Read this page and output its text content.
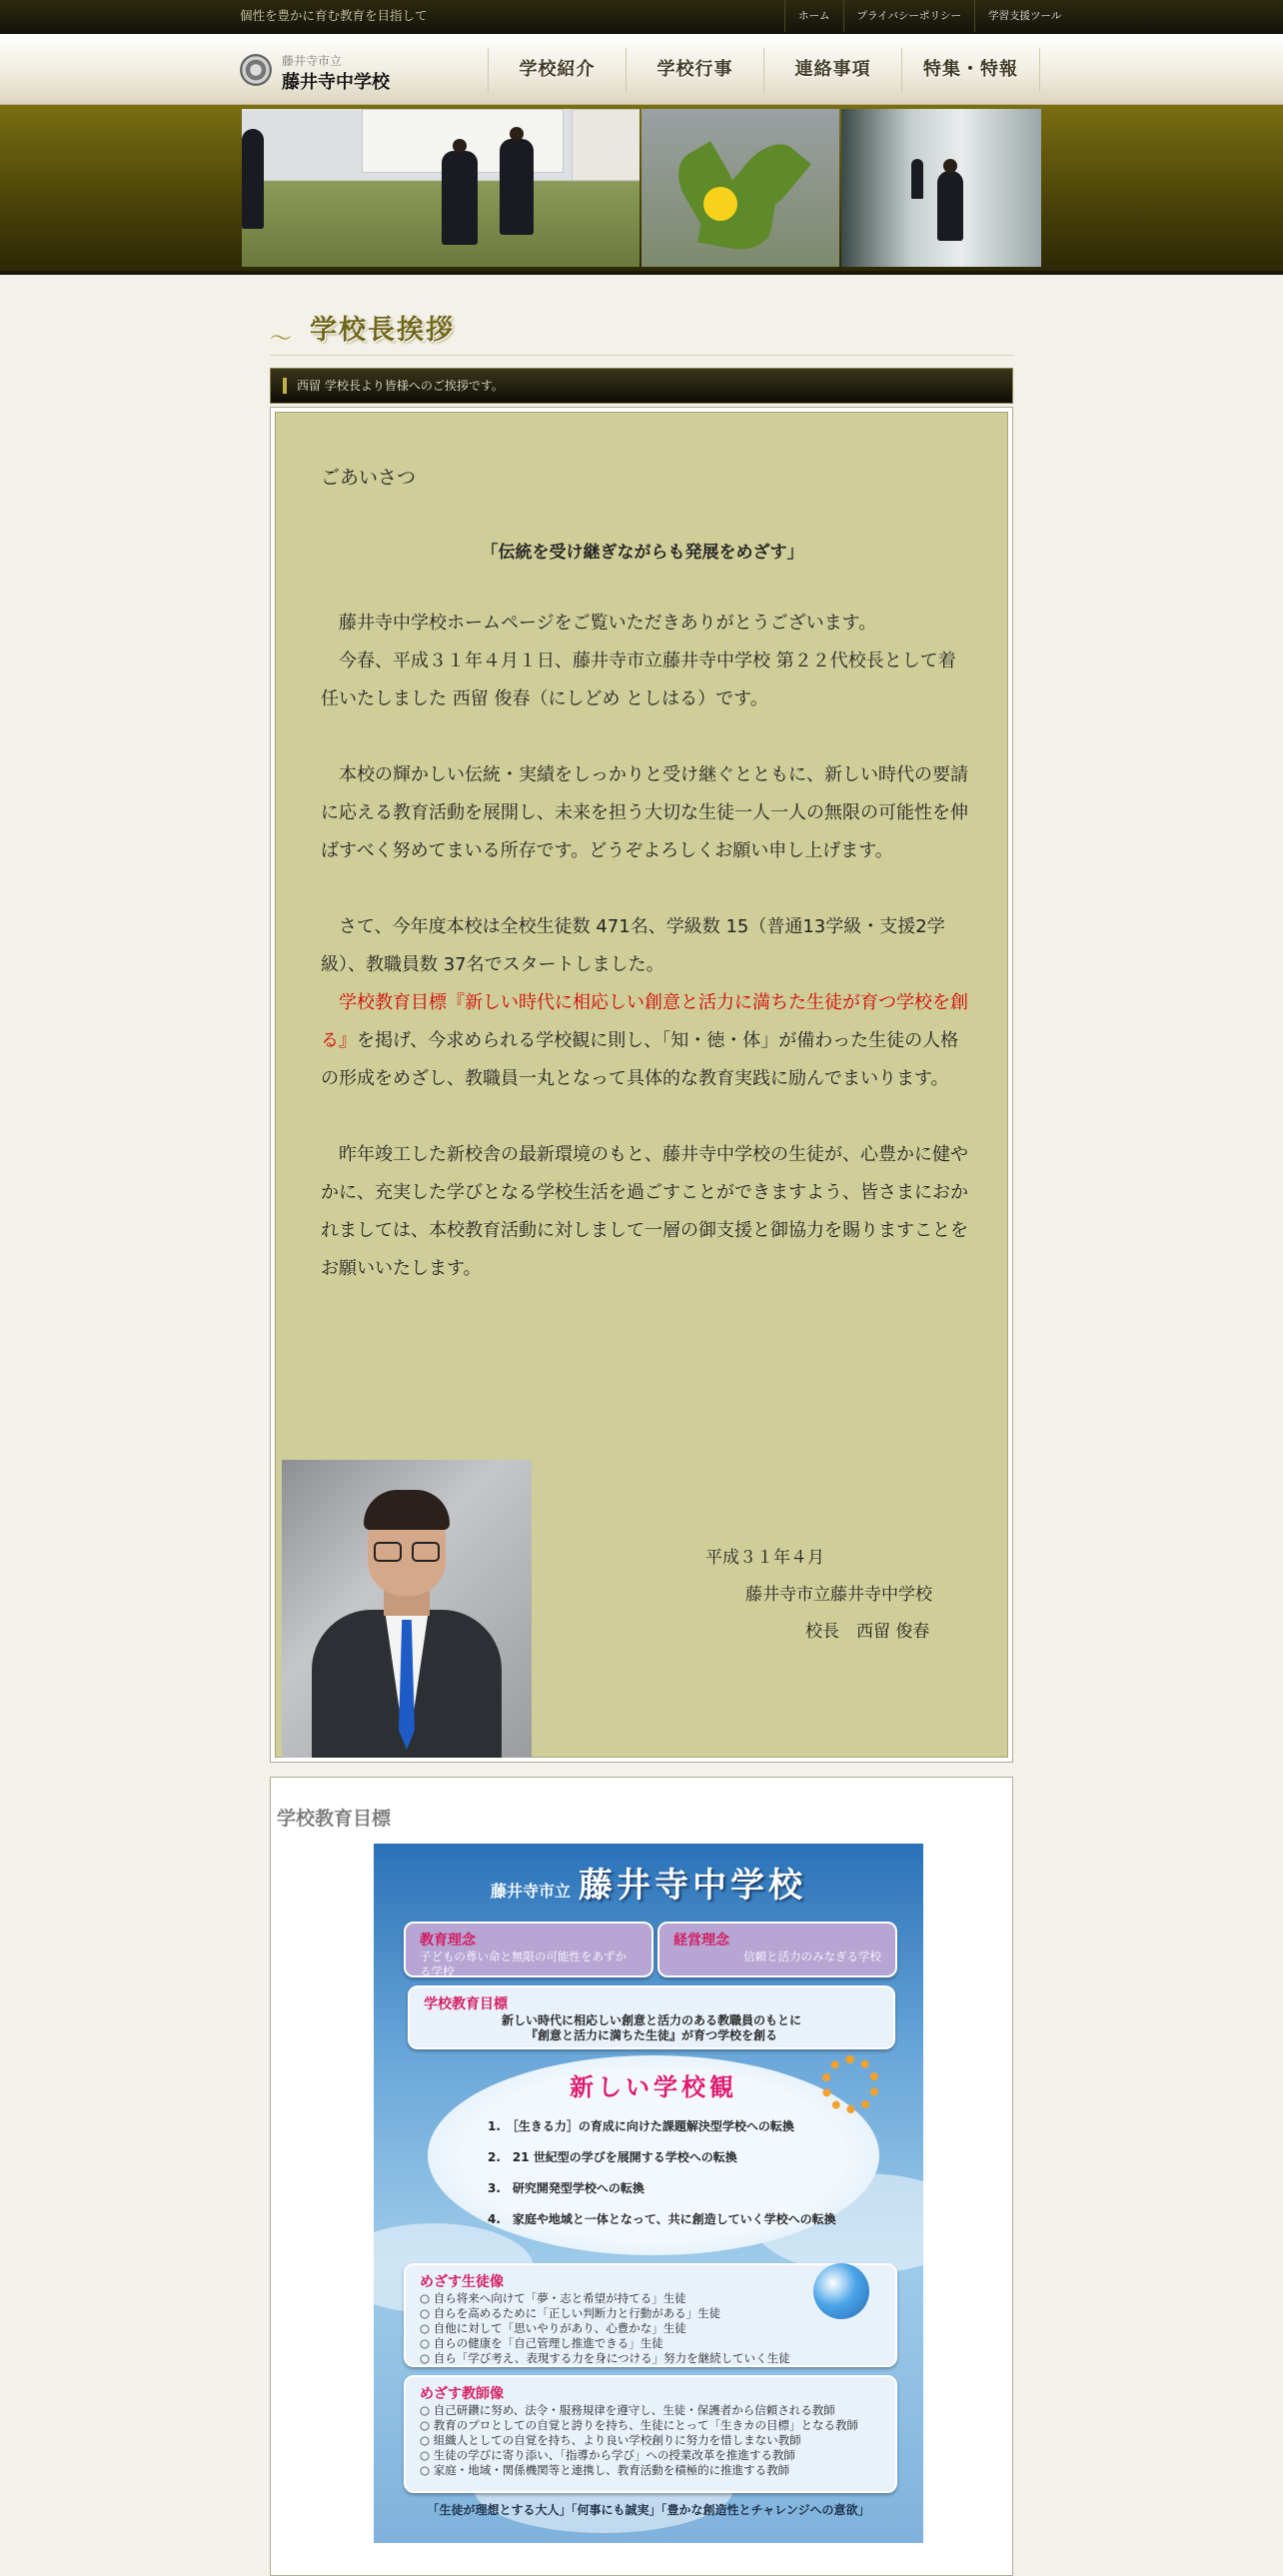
個性を豊かに育む教育を目指して	ホーム	プライバシーポリシー	学習支援ツール
藤井寺市立
藤井寺中学校
学校紹介	学校行事	連絡事項	特集・特報
〜 学校長挨拶
西留 学校長より皆様へのご挨拶です。
ごあいさつ
「伝統を受け継ぎながらも発展をめざす」

　藤井寺中学校ホームページをご覧いただきありがとうございます。

　今春、平成３１年４月１日、藤井寺市立藤井寺中学校 第２２代校長として着任いたしました 西留 俊春（にしどめ としはる）です。

　本校の輝かしい伝統・実績をしっかりと受け継ぐとともに、新しい時代の要請に応える教育活動を展開し、未来を担う大切な生徒一人一人の無限の可能性を伸ばすべく努めてまいる所存です。どうぞよろしくお願い申し上げます。

　さて、今年度本校は全校生徒数 471名、学級数 15（普通13学級・支援2学級）、教職員数 37名でスタートしました。

　学校教育目標『新しい時代に相応しい創意と活力に満ちた生徒が育つ学校を創る』を掲げ、今求められる学校観に則し、「知・徳・体」が備わった生徒の人格の形成をめざし、教職員一丸となって具体的な教育実践に励んでまいります。

　昨年竣工した新校舎の最新環境のもと、藤井寺中学校の生徒が、心豊かに健やかに、充実した学びとなる学校生活を過ごすことができますよう、皆さまにおかれましては、本校教育活動に対しまして一層の御支援と御協力を賜りますことをお願いいたします。

平成３１年４月
藤井寺市立藤井寺中学校
校長　西留 俊春
学校教育目標
藤井寺市立 藤井寺中学校
教育理念
子どもの尊い命と無限の可能性をあずかる学校
経営理念
信頼と活力のみなぎる学校
学校教育目標
新しい時代に相応しい創意と活力のある教職員のもとに
『創意と活力に満ちた生徒』が育つ学校を創る
新しい学校観
1.　［生きる力］の育成に向けた課題解決型学校への転換
2.　21 世紀型の学びを展開する学校への転換
3.　研究開発型学校への転換
4.　家庭や地域と一体となって、共に創造していく学校への転換
めざす生徒像
○ 自ら将来へ向けて「夢・志と希望が持てる」生徒
○ 自らを高めるために「正しい判断力と行動がある」生徒
○ 自他に対して「思いやりがあり、心豊かな」生徒
○ 自らの健康を「自己管理し推進できる」生徒
○ 自ら「学び考え、表現する力を身につける」努力を継続していく生徒
めざす教師像
○ 自己研鑽に努め、法令・服務規律を遵守し、生徒・保護者から信頼される教師
○ 教育のプロとしての自覚と誇りを持ち、生徒にとって「生きカの目標」となる教師
○ 組織人としての自覚を持ち、より良い学校創りに努力を惜しまない教師
○ 生徒の学びに寄り添い、「指導から学び」への授業改革を推進する教師
○ 家庭・地域・関係機関等と連携し、教育活動を積極的に推進する教師
「生徒が理想とする大人」「何事にも誠実」「豊かな創造性とチャレンジへの意欲」
